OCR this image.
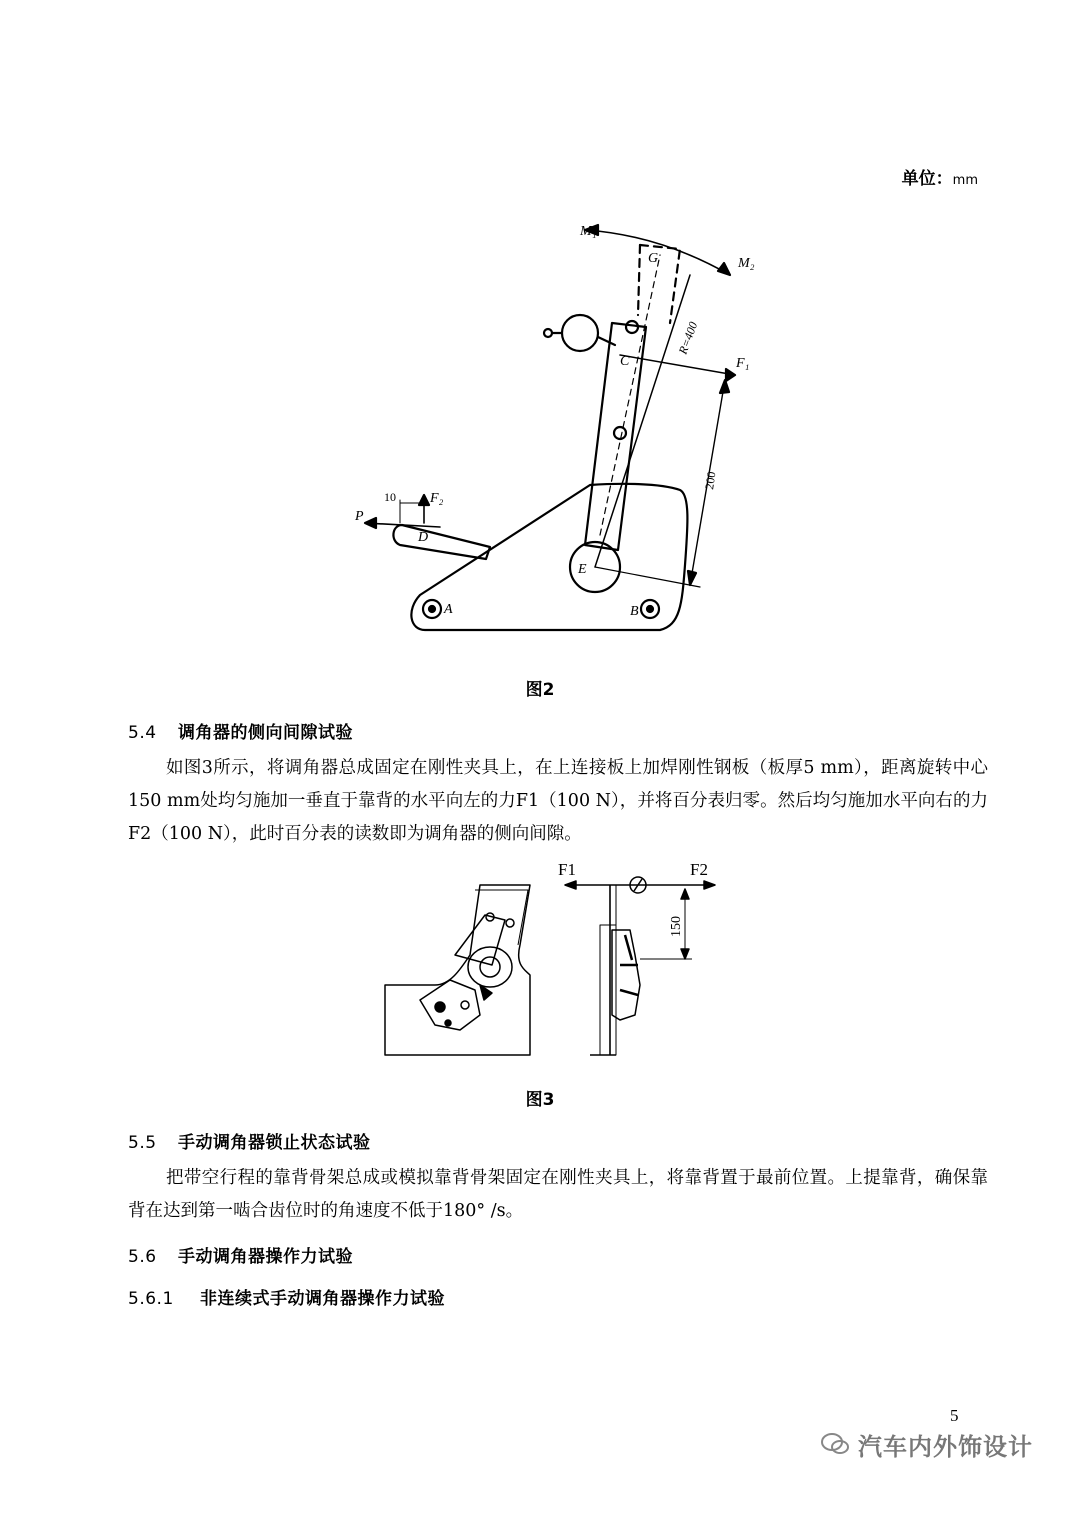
单位：mm
M₁
M₂
G
C	F₁
F₂
P
D
E
A	B
R=400
200
10
图2
5.4 调角器的侧向间隙试验
如图3所示，将调角器总成固定在刚性夹具上，在上连接板上加焊刚性钢板（板厚5 mm），距离旋转中心150 mm处均匀施加一垂直于靠背的水平向左的力F1（100 N），并将百分表归零。然后均匀施加水平向右的力F2（100 N），此时百分表的读数即为调角器的侧向间隙。
F1	F2
150
图3
5.5 手动调角器锁止状态试验
把带空行程的靠背骨架总成或模拟靠背骨架固定在刚性夹具上，将靠背置于最前位置。上提靠背，确保靠背在达到第一啮合齿位时的角速度不低于180° /s。
5.6 手动调角器操作力试验
5.6.1 非连续式手动调角器操作力试验
5
汽车内外饰设计
